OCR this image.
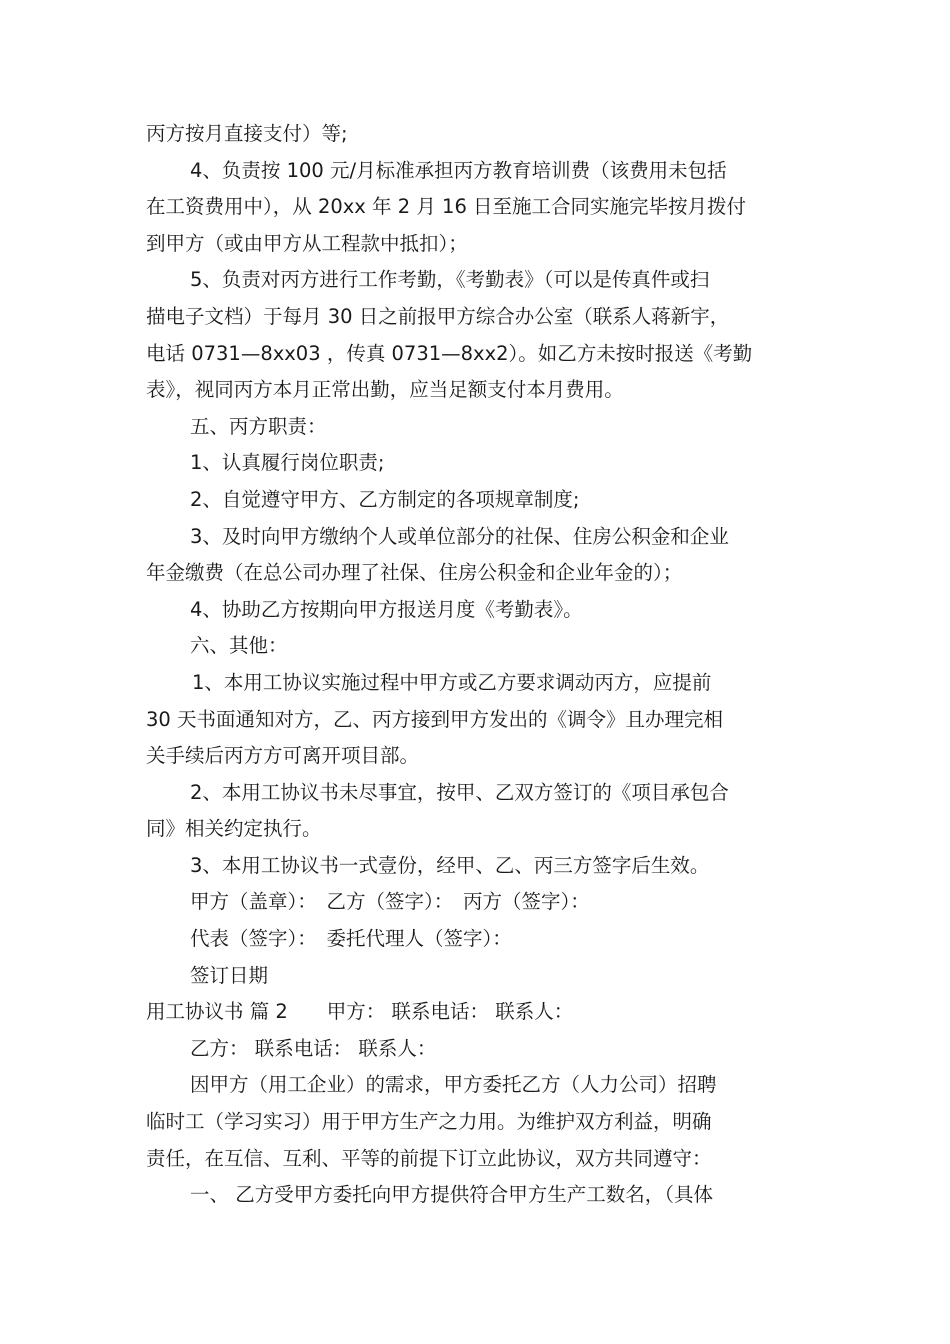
丙方按月直接支付）等;
4、负责按 100 元/月标准承担丙方教育培训费（该费用未包括
在工资费用中），从 20xx 年 2 月 16 日至施工合同实施完毕按月拨付
到甲方（或由甲方从工程款中抵扣）；
5、负责对丙方进行工作考勤，《考勤表》（可以是传真件或扫
描电子文档）于每月 30 日之前报甲方综合办公室（联系人蒋新宇，
电话 0731—8xx03 ，传真 0731—8xx2）。如乙方未按时报送《考勤
表》，视同丙方本月正常出勤，应当足额支付本月费用。
五、丙方职责：
1、认真履行岗位职责;
2、自觉遵守甲方、乙方制定的各项规章制度;
3、及时向甲方缴纳个人或单位部分的社保、住房公积金和企业
年金缴费（在总公司办理了社保、住房公积金和企业年金的）；
4、协助乙方按期向甲方报送月度《考勤表》。
六、其他：
1、本用工协议实施过程中甲方或乙方要求调动丙方，应提前
30 天书面通知对方，乙、丙方接到甲方发出的《调令》且办理完相
关手续后丙方方可离开项目部。
2、本用工协议书未尽事宜，按甲、乙双方签订的《项目承包合
同》相关约定执行。
3、本用工协议书一式壹份，经甲、乙、丙三方签字后生效。
甲方（盖章）：　乙方（签字）：　丙方（签字）：
代表（签字）：　委托代理人（签字）：
签订日期
用工协议书 篇 2　　甲方： 联系电话： 联系人：
乙方： 联系电话： 联系人：
因甲方（用工企业）的需求，甲方委托乙方（人力公司）招聘
临时工（学习实习）用于甲方生产之力用。为维护双方利益，明确
责任，在互信、互利、平等的前提下订立此协议，双方共同遵守：
一、 乙方受甲方委托向甲方提供符合甲方生产工数名，（具体
